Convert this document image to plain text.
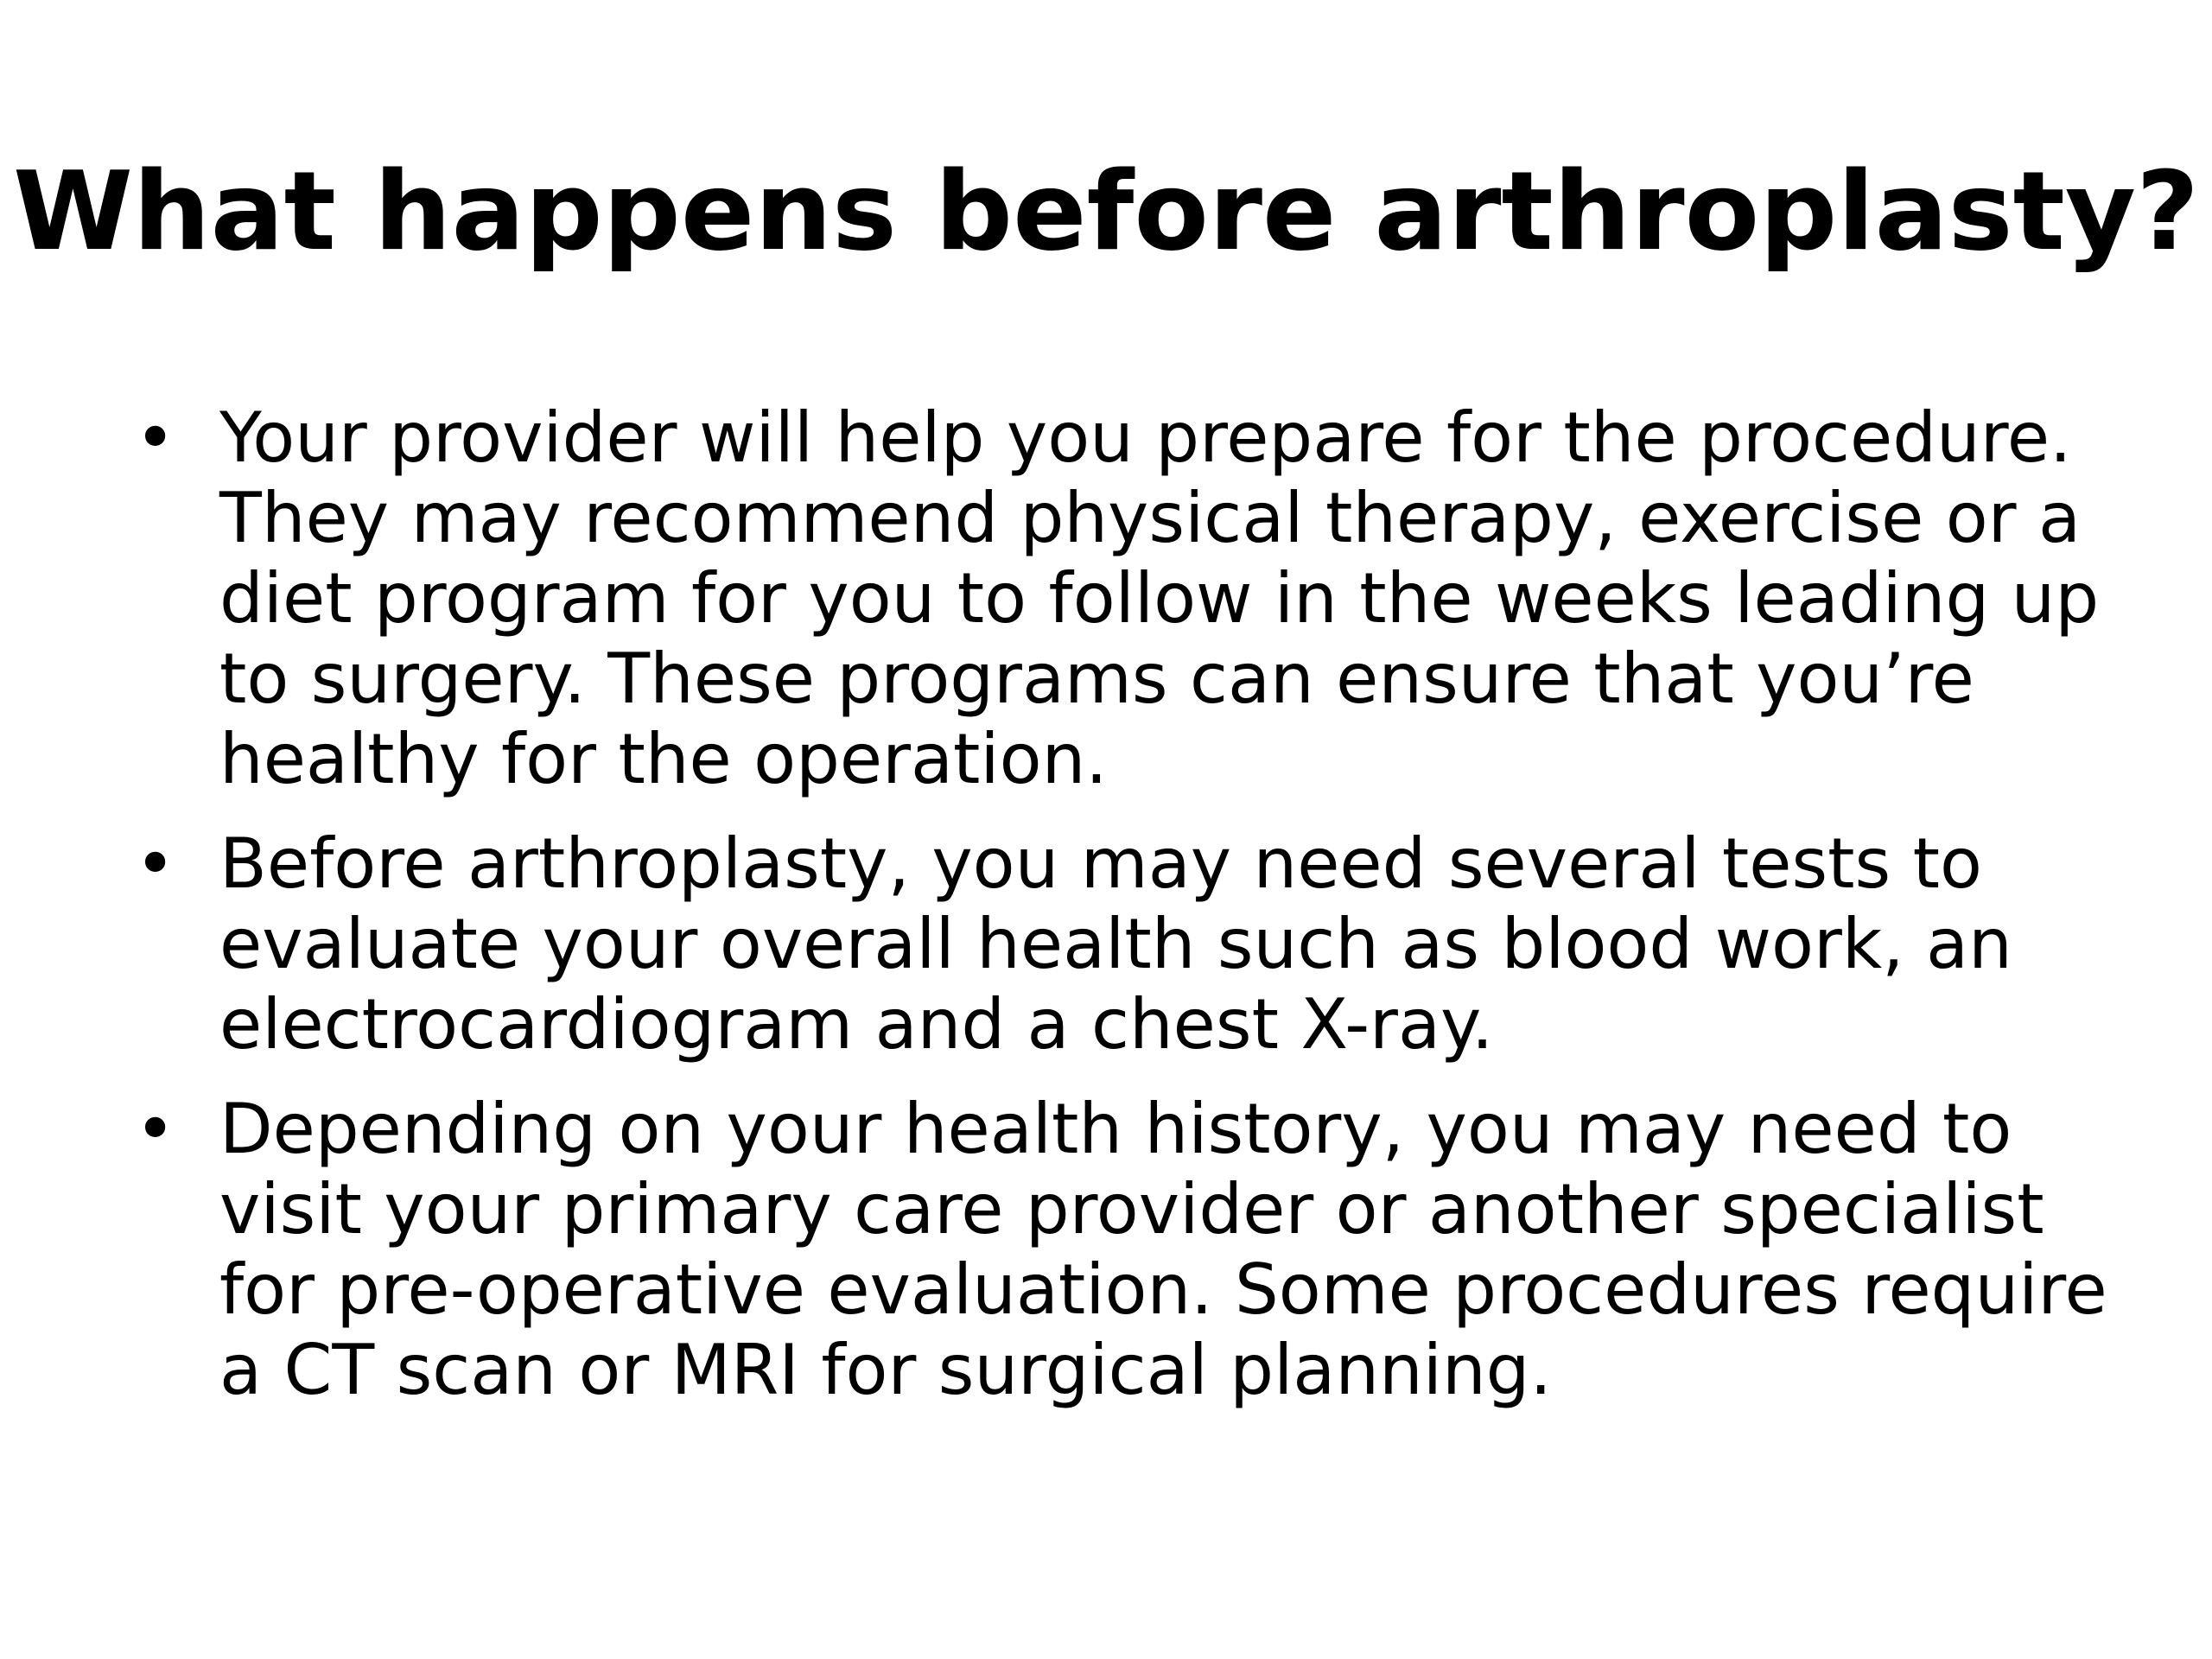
What happens before arthroplasty?
• Your provider will help you prepare for the procedure. They may recommend physical therapy, exercise or a diet program for you to follow in the weeks leading up to surgery. These programs can ensure that you’re healthy for the operation.
• Before arthroplasty, you may need several tests to evaluate your overall health such as blood work, an electrocardiogram and a chest X-ray.
• Depending on your health history, you may need to visit your primary care provider or another specialist for pre-operative evaluation. Some procedures require a CT scan or MRI for surgical planning.
